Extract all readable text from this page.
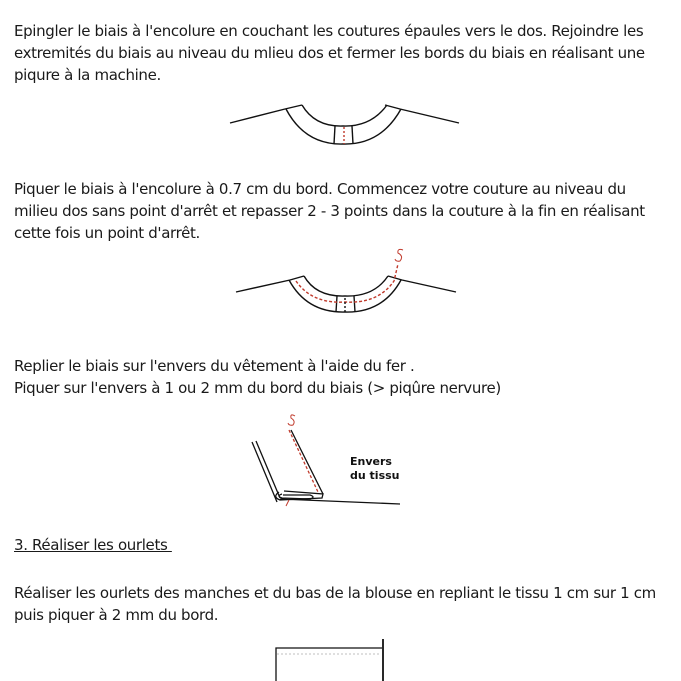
Epingler le biais à l'encolure en couchant les coutures épaules vers le dos. Rejoindre les
extremités du biais au niveau du mlieu dos et fermer les bords du biais en réalisant une
piqure à la machine.
Piquer le biais à l'encolure à 0.7 cm du bord. Commencez votre couture au niveau du
milieu dos sans point d'arrêt et repasser 2 - 3 points dans la couture à la fin en réalisant
cette fois un point d'arrêt.
Replier le biais sur l'envers du vêtement à l'aide du fer .
Piquer sur l'envers à 1 ou 2 mm du bord du biais (> piqûre nervure)
3. Réaliser les ourlets
Réaliser les ourlets des manches et du bas de la blouse en repliant le tissu 1 cm sur 1 cm
puis piquer à 2 mm du bord.
Envers
du tissu
